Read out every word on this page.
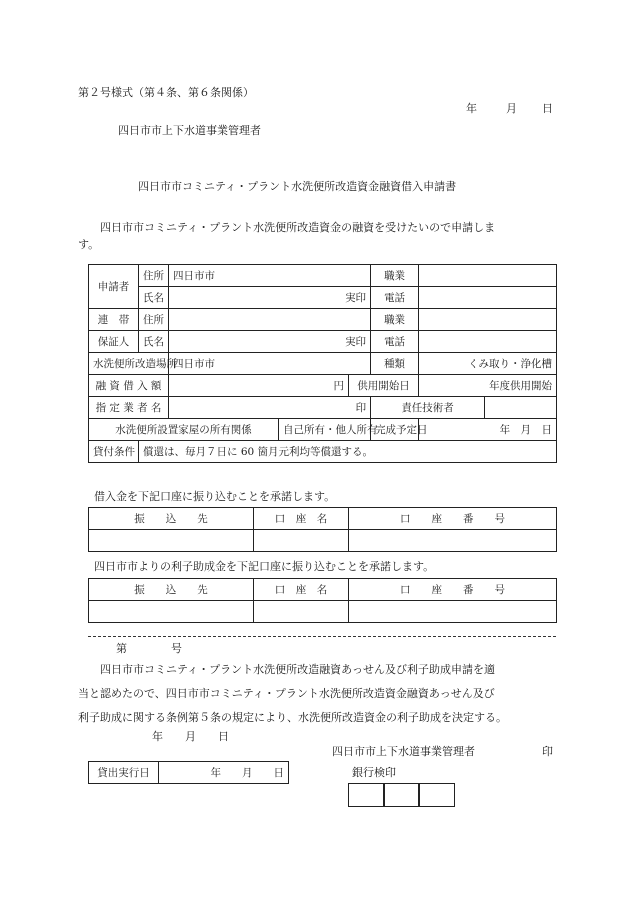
第２号様式（第４条、第６条関係）
年	月 日
四日市市上下水道事業管理者
四日市市コミニティ・プラント水洗便所改造資金融資借入申請書
四日市市コミニティ・プラント水洗便所改造資金の融資を受けたいので申請しま
す。
申請者	住所	四日市市			職業		
	氏名	実印			電話		
連　帯	住所				職業		
保証人	氏名	実印			電話		
水洗便所改造場所		四日市市			種類	くみ取り・浄化槽	
融 資 借 入 額		円		供用開始日		年度供用開始	
指 定 業 者 名		印			責任技術者		
水洗便所設置家屋の所有関係			自己所有・他人所有		完成予定日	年　月　日	
貸付条件	償還は、毎月７日に 60 箇月元利均等償還する。						
借入金を下記口座に振り込むことを承諾します。
振　　込　　先	口　座　名	口　　座　　番　　号

四日市市よりの利子助成金を下記口座に振り込むことを承諾します。
振　　込　　先	口　座　名	口　　座　　番　　号

第　　　　号
四日市市コミニティ・プラント水洗便所改造融資あっせん及び利子助成申請を適
当と認めたので、四日市市コミニティ・プラント水洗便所改造資金融資あっせん及び
利子助成に関する条例第５条の規定により、水洗便所改造資金の利子助成を決定する。
年　　月　　日
四日市市上下水道事業管理者	印
貸出実行日	年　　月　　日	銀行検印
